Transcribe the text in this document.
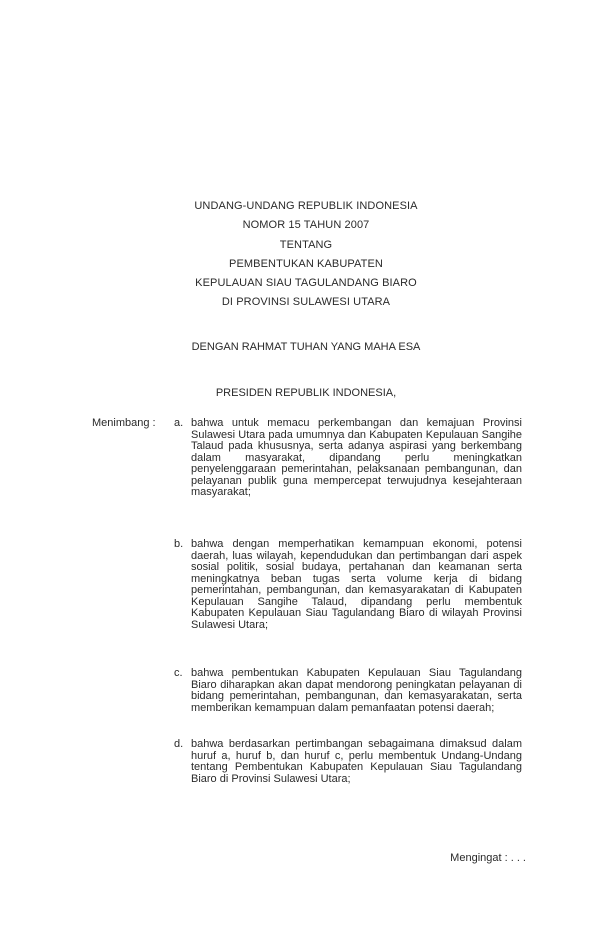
UNDANG-UNDANG REPUBLIK INDONESIA
NOMOR 15 TAHUN 2007
TENTANG
PEMBENTUKAN KABUPATEN
KEPULAUAN SIAU TAGULANDANG BIARO
DI PROVINSI SULAWESI UTARA
DENGAN RAHMAT TUHAN YANG MAHA ESA
PRESIDEN REPUBLIK INDONESIA,
Menimbang : a. bahwa untuk memacu perkembangan dan kemajuan Provinsi Sulawesi Utara pada umumnya dan Kabupaten Kepulauan Sangihe Talaud pada khususnya, serta adanya aspirasi yang berkembang dalam masyarakat, dipandang perlu meningkatkan penyelenggaraan pemerintahan, pelaksanaan pembangunan, dan pelayanan publik guna mempercepat terwujudnya kesejahteraan masyarakat;
b. bahwa dengan memperhatikan kemampuan ekonomi, potensi daerah, luas wilayah, kependudukan dan pertimbangan dari aspek sosial politik, sosial budaya, pertahanan dan keamanan serta meningkatnya beban tugas serta volume kerja di bidang pemerintahan, pembangunan, dan kemasyarakatan di Kabupaten Kepulauan Sangihe Talaud, dipandang perlu membentuk Kabupaten Kepulauan Siau Tagulandang Biaro di wilayah Provinsi Sulawesi Utara;
c. bahwa pembentukan Kabupaten Kepulauan Siau Tagulandang Biaro diharapkan akan dapat mendorong peningkatan pelayanan di bidang pemerintahan, pembangunan, dan kemasyarakatan, serta memberikan kemampuan dalam pemanfaatan potensi daerah;
d. bahwa berdasarkan pertimbangan sebagaimana dimaksud dalam huruf a, huruf b, dan huruf c, perlu membentuk Undang-Undang tentang Pembentukan Kabupaten Kepulauan Siau Tagulandang Biaro di Provinsi Sulawesi Utara;
Mengingat : . . .
